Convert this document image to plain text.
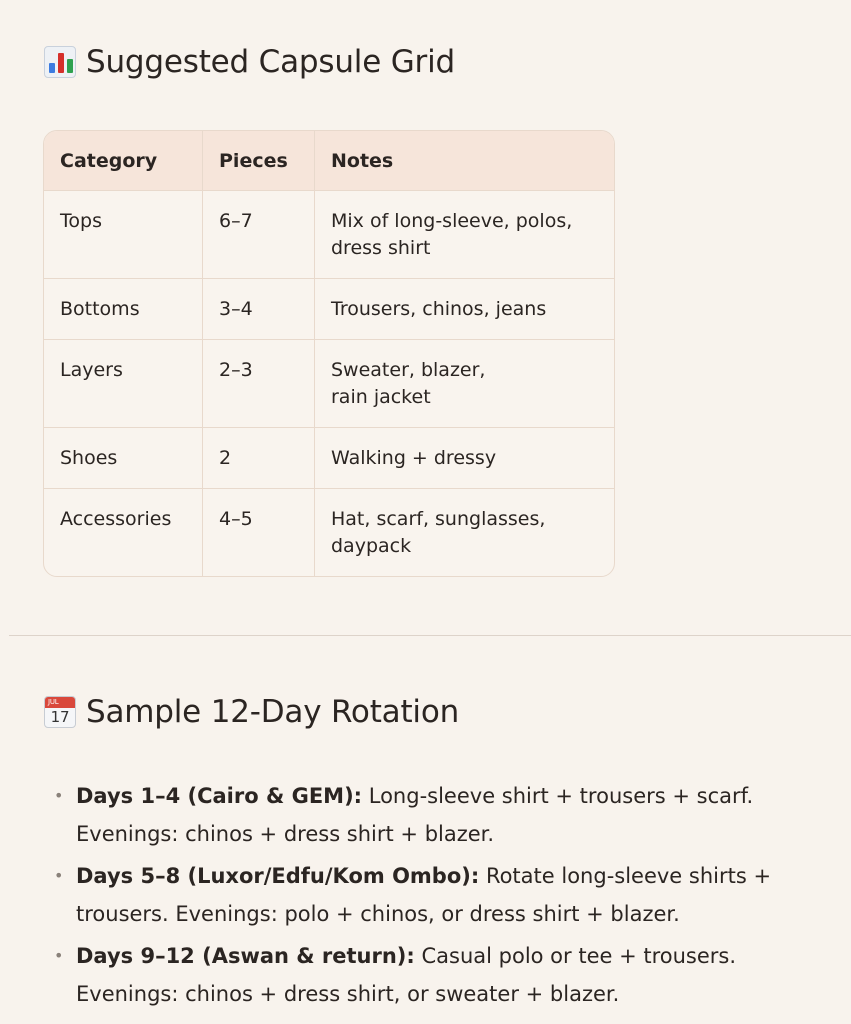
Suggested Capsule Grid
Category	Pieces	Notes
Tops	6–7	Mix of long-sleeve, polos,
dress shirt
Bottoms	3–4	Trousers, chinos, jeans
Layers	2–3	Sweater, blazer,
rain jacket
Shoes	2	Walking + dressy
Accessories	4–5	Hat, scarf, sunglasses,
daypack
JUL
17 Sample 12-Day Rotation
• Days 1–4 (Cairo & GEM): Long-sleeve shirt + trousers + scarf. Evenings: chinos + dress shirt + blazer.
• Days 5–8 (Luxor/Edfu/Kom Ombo): Rotate long-sleeve shirts + trousers. Evenings: polo + chinos, or dress shirt + blazer.
• Days 9–12 (Aswan & return): Casual polo or tee + trousers. Evenings: chinos + dress shirt, or sweater + blazer.
